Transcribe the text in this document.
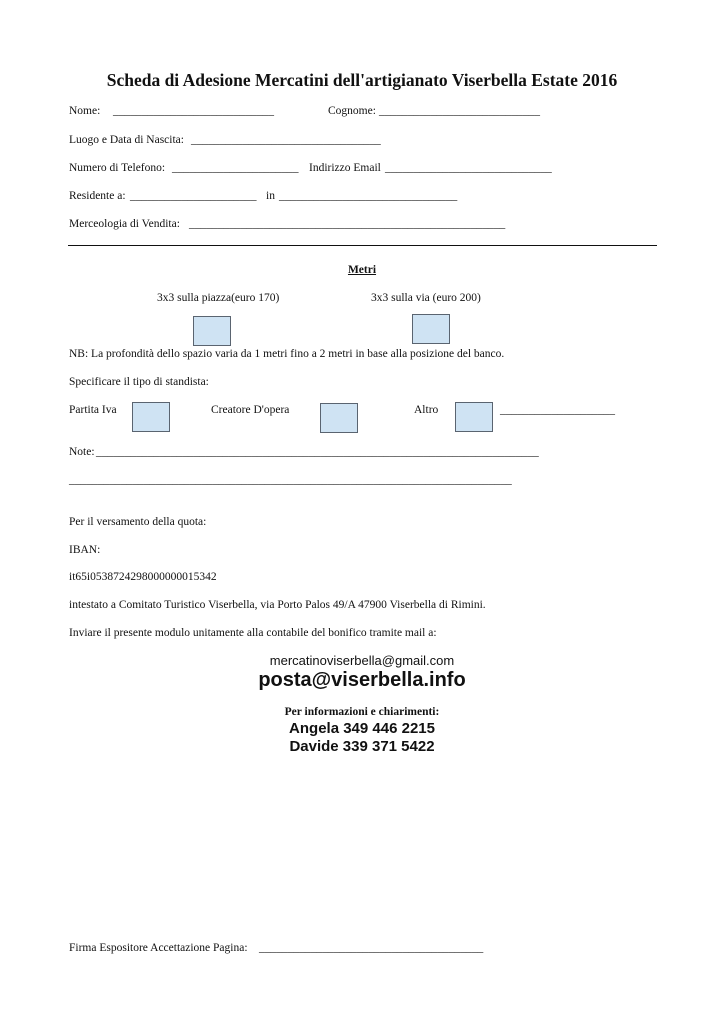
Scheda di Adesione Mercatini dell'artigianato Viserbella Estate 2016
Nome: ____________________________	Cognome: ____________________________
Luogo e Data di Nascita: _________________________________
Numero di Telefono: ______________________ Indirizzo Email _____________________________
Residente a: ______________________ in _______________________________
Merceologia di Vendita: _______________________________________________________
Metri
3x3 sulla piazza(euro 170)	3x3 sulla via (euro 200)
NB: La profondità dello spazio varia da 1 metri fino a 2 metri in base alla posizione del banco.
Specificare il tipo di standista:
Partita Iva	Creatore D'opera	Altro	____________________
Note: _____________________________________________________________________________
_____________________________________________________________________________
Per il versamento della quota:
IBAN:
it65i0538724298000000015342
intestato a Comitato Turistico Viserbella, via Porto Palos 49/A 47900 Viserbella di Rimini.
Inviare il presente modulo unitamente alla contabile del bonifico tramite mail a:
mercatinoviserbella@gmail.com
posta@viserbella.info
Per informazioni e chiarimenti:
Angela 349 446 2215
Davide 339 371 5422
Firma Espositore Accettazione Pagina: _______________________________________
